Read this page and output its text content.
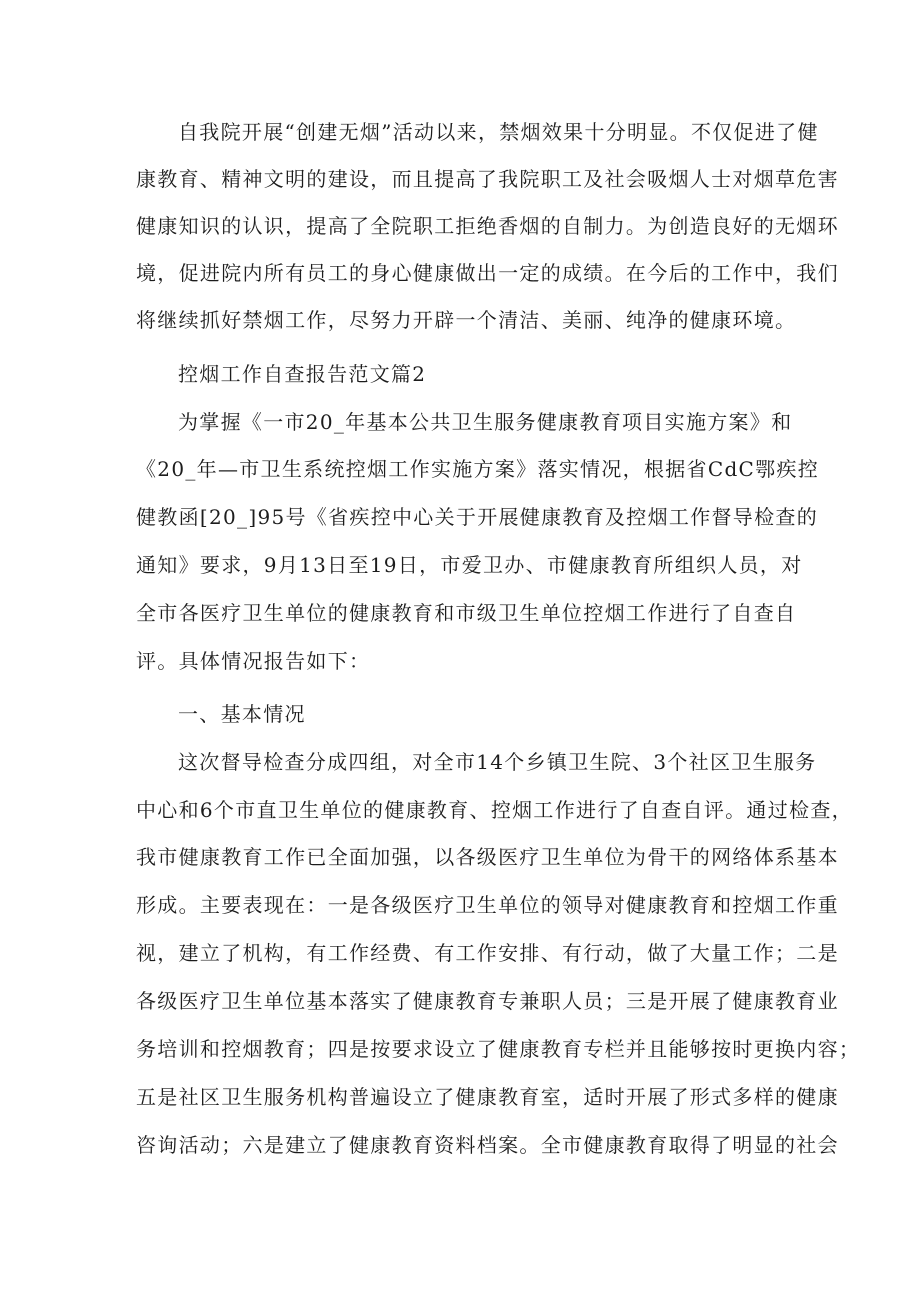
自我院开展“创建无烟”活动以来，禁烟效果十分明显。不仅促进了健

康教育、精神文明的建设，而且提高了我院职工及社会吸烟人士对烟草危害

健康知识的认识，提高了全院职工拒绝香烟的自制力。为创造良好的无烟环

境，促进院内所有员工的身心健康做出一定的成绩。在今后的工作中，我们

将继续抓好禁烟工作，尽努力开辟一个清洁、美丽、纯净的健康环境。

控烟工作自查报告范文篇2

为掌握《一市20_年基本公共卫生服务健康教育项目实施方案》和

《20_年—市卫生系统控烟工作实施方案》落实情况，根据省CdC鄂疾控

健教函[20_]95号《省疾控中心关于开展健康教育及控烟工作督导检查的

通知》要求，9月13日至19日，市爱卫办、市健康教育所组织人员，对

全市各医疗卫生单位的健康教育和市级卫生单位控烟工作进行了自查自

评。具体情况报告如下：

一、基本情况

这次督导检查分成四组，对全市14个乡镇卫生院、3个社区卫生服务

中心和6个市直卫生单位的健康教育、控烟工作进行了自查自评。通过检查，

我市健康教育工作已全面加强，以各级医疗卫生单位为骨干的网络体系基本

形成。主要表现在：一是各级医疗卫生单位的领导对健康教育和控烟工作重

视，建立了机构，有工作经费、有工作安排、有行动，做了大量工作；二是

各级医疗卫生单位基本落实了健康教育专兼职人员；三是开展了健康教育业

务培训和控烟教育；四是按要求设立了健康教育专栏并且能够按时更换内容；

五是社区卫生服务机构普遍设立了健康教育室，适时开展了形式多样的健康

咨询活动；六是建立了健康教育资料档案。全市健康教育取得了明显的社会
